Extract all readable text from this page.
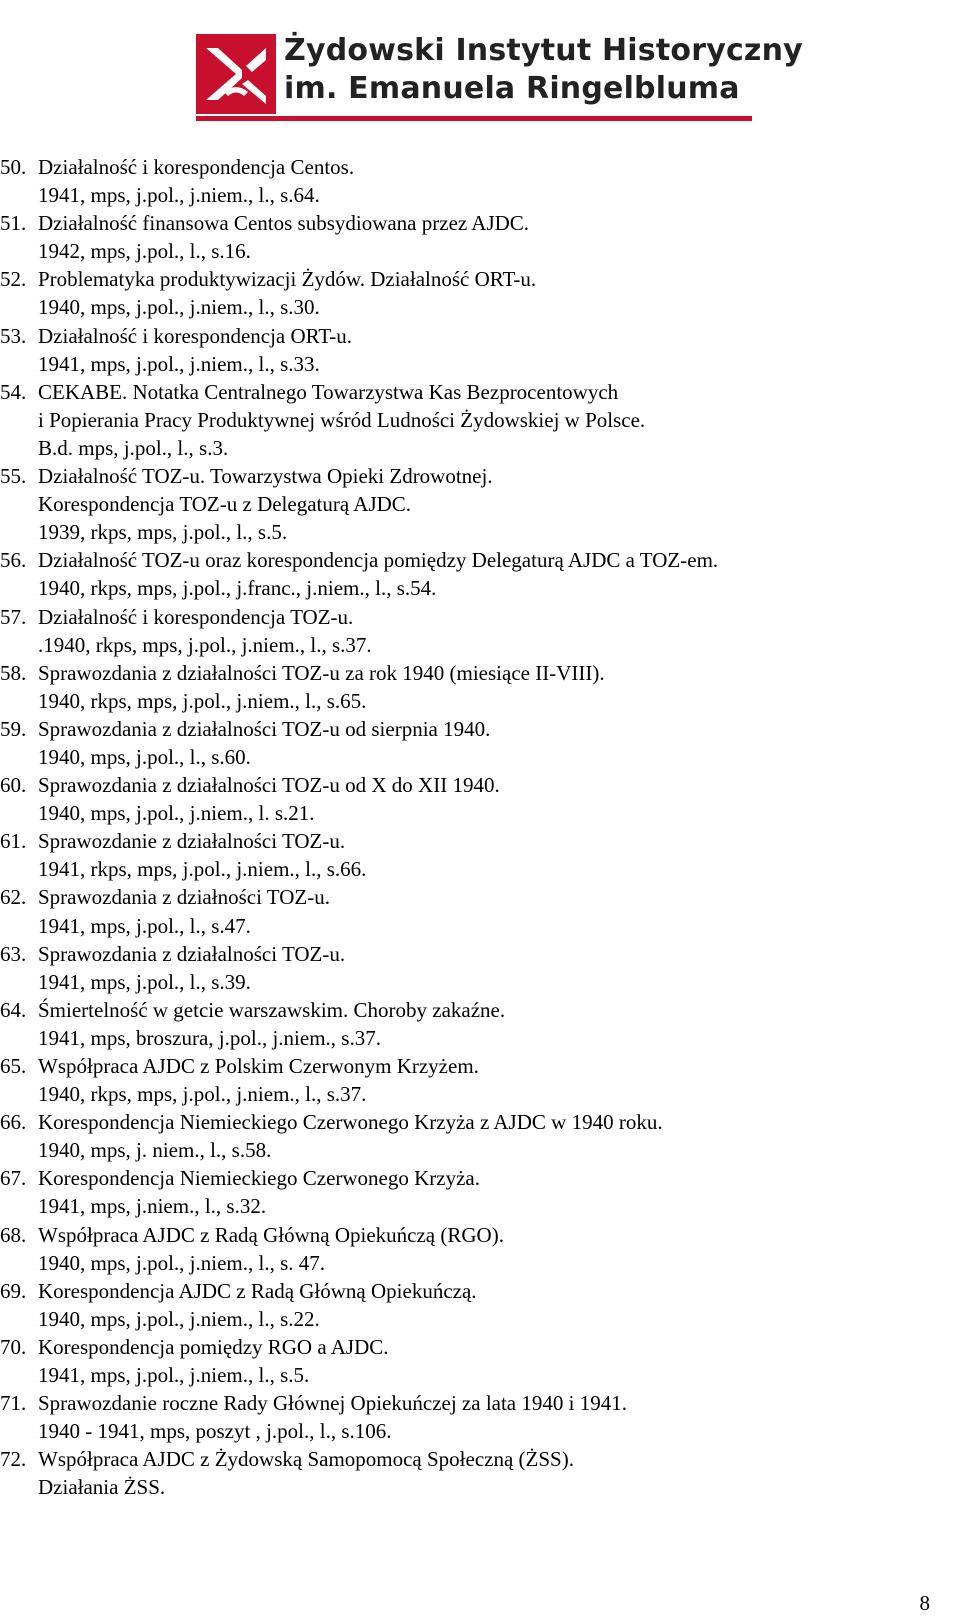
Żydowski Instytut Historyczny
im. Emanuela Ringelbluma
50. Działalność i korespondencja Centos.
1941, mps, j.pol., j.niem., l., s.64.
51. Działalność finansowa Centos subsydiowana przez AJDC.
1942, mps, j.pol., l., s.16.
52. Problematyka produktywizacji Żydów. Działalność ORT-u.
1940, mps, j.pol., j.niem., l., s.30.
53. Działalność i korespondencja ORT-u.
1941, mps, j.pol., j.niem., l., s.33.
54. CEKABE. Notatka Centralnego Towarzystwa Kas Bezprocentowych
i Popierania Pracy Produktywnej wśród Ludności Żydowskiej w Polsce.
B.d. mps, j.pol., l., s.3.
55. Działalność TOZ-u. Towarzystwa Opieki Zdrowotnej.
Korespondencja TOZ-u z Delegaturą AJDC.
1939, rkps, mps, j.pol., l., s.5.
56. Działalność TOZ-u oraz korespondencja pomiędzy Delegaturą AJDC a TOZ-em.
1940, rkps, mps, j.pol., j.franc., j.niem., l., s.54.
57. Działalność i korespondencja TOZ-u.
.1940, rkps, mps, j.pol., j.niem., l., s.37.
58. Sprawozdania z działalności TOZ-u za rok 1940 (miesiące II-VIII).
1940, rkps, mps, j.pol., j.niem., l., s.65.
59. Sprawozdania z działalności TOZ-u od sierpnia 1940.
1940, mps, j.pol., l., s.60.
60. Sprawozdania z działalności TOZ-u od X do XII 1940.
1940, mps, j.pol., j.niem., l. s.21.
61. Sprawozdanie z działalności TOZ-u.
1941, rkps, mps, j.pol., j.niem., l., s.66.
62. Sprawozdania z działności TOZ-u.
1941, mps, j.pol., l., s.47.
63. Sprawozdania z działalności TOZ-u.
1941, mps, j.pol., l., s.39.
64. Śmiertelność w getcie warszawskim. Choroby zakaźne.
1941, mps, broszura, j.pol., j.niem., s.37.
65. Współpraca AJDC z Polskim Czerwonym Krzyżem.
1940, rkps, mps, j.pol., j.niem., l., s.37.
66. Korespondencja Niemieckiego Czerwonego Krzyża z AJDC w 1940 roku.
1940, mps, j. niem., l., s.58.
67. Korespondencja Niemieckiego Czerwonego Krzyża.
1941, mps, j.niem., l., s.32.
68. Współpraca AJDC z Radą Główną Opiekuńczą (RGO).
1940, mps, j.pol., j.niem., l., s. 47.
69. Korespondencja AJDC z Radą Główną Opiekuńczą.
1940, mps, j.pol., j.niem., l., s.22.
70. Korespondencja pomiędzy RGO a AJDC.
1941, mps, j.pol., j.niem., l., s.5.
71. Sprawozdanie roczne Rady Głównej Opiekuńczej za lata 1940 i 1941.
1940 - 1941, mps, poszyt , j.pol., l., s.106.
72. Współpraca AJDC z Żydowską Samopomocą Społeczną (ŻSS).
Działania ŻSS.
8
